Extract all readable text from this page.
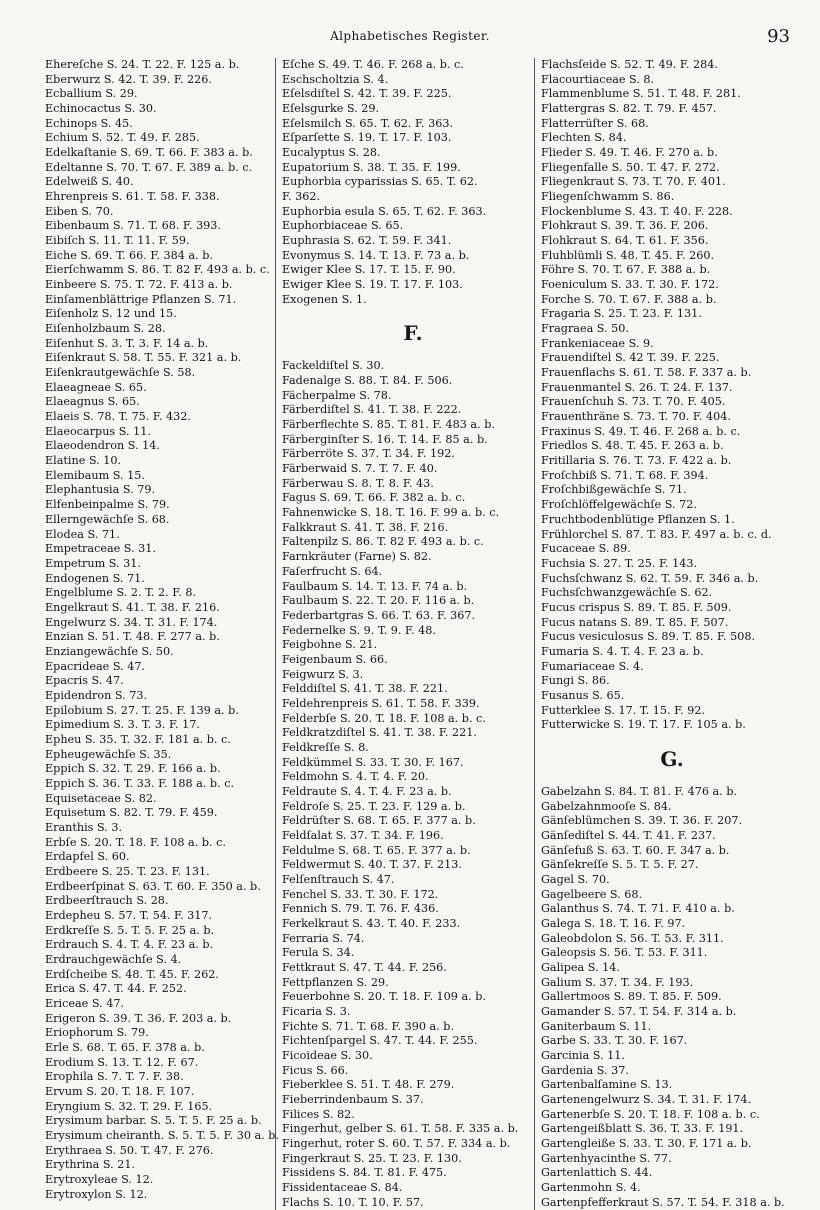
Alphabetisches Register.	93
Ehereſche S. 24. T. 22. F. 125 a. b.
Eberwurz S. 42. T. 39. F. 226.
Ecballium S. 29.
Echinocactus S. 30.
Echinops S. 45.
Echium S. 52. T. 49. F. 285.
Edelkaſtanie S. 69. T. 66. F. 383 a. b.
Edeltanne S. 70. T. 67. F. 389 a. b. c.
Edelweiß S. 40.
Ehrenpreis S. 61. T. 58. F. 338.
Eiben S. 70.
Eibenbaum S. 71. T. 68. F. 393.
Eibiſch S. 11. T. 11. F. 59.
Eiche S. 69. T. 66. F. 384 a. b.
Eierſchwamm S. 86. T. 82 F. 493 a. b. c.
Einbeere S. 75. T. 72. F. 413 a. b.
Einſamenblättrige Pflanzen S. 71.
Eiſenholz S. 12 und 15.
Eiſenholzbaum S. 28.
Eiſenhut S. 3. T. 3. F. 14 a. b.
Eiſenkraut S. 58. T. 55. F. 321 a. b.
Eiſenkrautgewächſe S. 58.
Elaeagneae S. 65.
Elaeagnus S. 65.
Elaeis S. 78. T. 75. F. 432.
Elaeocarpus S. 11.
Elaeodendron S. 14.
Elatine S. 10.
Elemibaum S. 15.
Elephantusia S. 79.
Elfenbeinpalme S. 79.
Ellerngewächſe S. 68.
Elodea S. 71.
Empetraceae S. 31.
Empetrum S. 31.
Endogenen S. 71.
Engelblume S. 2. T. 2. F. 8.
Engelkraut S. 41. T. 38. F. 216.
Engelwurz S. 34. T. 31. F. 174.
Enzian S. 51. T. 48. F. 277 a. b.
Enziangewächſe S. 50.
Epacrideae S. 47.
Epacris S. 47.
Epidendron S. 73.
Epilobium S. 27. T. 25. F. 139 a. b.
Epimedium S. 3. T. 3. F. 17.
Epheu S. 35. T. 32. F. 181 a. b. c.
Epheugewächſe S. 35.
Eppich S. 32. T. 29. F. 166 a. b.
Eppich S. 36. T. 33. F. 188 a. b. c.
Equisetaceae S. 82.
Equisetum S. 82. T. 79. F. 459.
Eranthis S. 3.
Erbſe S. 20. T. 18. F. 108 a. b. c.
Erdapfel S. 60.
Erdbeere S. 25. T. 23. F. 131.
Erdbeerſpinat S. 63. T. 60. F. 350 a. b.
Erdbeerſtrauch S. 28.
Erdepheu S. 57. T. 54. F. 317.
Erdkreſſe S. 5. T. 5. F. 25 a. b.
Erdrauch S. 4. T. 4. F. 23 a. b.
Erdrauchgewächſe S. 4.
Erdſcheibe S. 48. T. 45. F. 262.
Erica S. 47. T. 44. F. 252.
Ericeae S. 47.
Erigeron S. 39. T. 36. F. 203 a. b.
Eriophorum S. 79.
Erle S. 68. T. 65. F. 378 a. b.
Erodium S. 13. T. 12. F. 67.
Erophila S. 7. T. 7. F. 38.
Ervum S. 20. T. 18. F. 107.
Eryngium S. 32. T. 29. F. 165.
Erysimum barbar. S. 5. T. 5. F. 25 a. b.
Erysimum cheiranth. S. 5. T. 5. F. 30 a. b.
Erythraea S. 50. T. 47. F. 276.
Erythrina S. 21.
Erytroxyleae S. 12.
Erytroxylon S. 12.
Eſche S. 49. T. 46. F. 268 a. b. c.
Eschscholtzia S. 4.
Eſelsdiſtel S. 42. T. 39. F. 225.
Eſelsgurke S. 29.
Eſelsmilch S. 65. T. 62. F. 363.
Eſparſette S. 19. T. 17. F. 103.
Eucalyptus S. 28.
Eupatorium S. 38. T. 35. F. 199.
Euphorbia cyparissias S. 65. T. 62.
F. 362.
Euphorbia esula S. 65. T. 62. F. 363.
Euphorbiaceae S. 65.
Euphrasia S. 62. T. 59. F. 341.
Evonymus S. 14. T. 13. F. 73 a. b.
Ewiger Klee S. 17. T. 15. F. 90.
Ewiger Klee S. 19. T. 17. F. 103.
Exogenen S. 1.
F.
Fackeldiſtel S. 30.
Fadenalge S. 88. T. 84. F. 506.
Fächerpalme S. 78.
Färberdiſtel S. 41. T. 38. F. 222.
Färberflechte S. 85. T. 81. F. 483 a. b.
Färberginſter S. 16. T. 14. F. 85 a. b.
Färberröte S. 37. T. 34. F. 192.
Färberwaid S. 7. T. 7. F. 40.
Färberwau S. 8. T. 8. F. 43.
Fagus S. 69. T. 66. F. 382 a. b. c.
Fahnenwicke S. 18. T. 16. F. 99 a. b. c.
Falkkraut S. 41. T. 38. F. 216.
Faltenpilz S. 86. T. 82 F. 493 a. b. c.
Farnkräuter (Farne) S. 82.
Faſerfrucht S. 64.
Faulbaum S. 14. T. 13. F. 74 a. b.
Faulbaum S. 22. T. 20. F. 116 a. b.
Federbartgras S. 66. T. 63. F. 367.
Federnelke S. 9. T. 9. F. 48.
Feigbohne S. 21.
Feigenbaum S. 66.
Feigwurz S. 3.
Felddiſtel S. 41. T. 38. F. 221.
Feldehrenpreis S. 61. T. 58. F. 339.
Felderbſe S. 20. T. 18. F. 108 a. b. c.
Feldkratzdiſtel S. 41. T. 38. F. 221.
Feldkreſſe S. 8.
Feldkümmel S. 33. T. 30. F. 167.
Feldmohn S. 4. T. 4. F. 20.
Feldraute S. 4. T. 4. F. 23 a. b.
Feldroſe S. 25. T. 23. F. 129 a. b.
Feldrüſter S. 68. T. 65. F. 377 a. b.
Feldſalat S. 37. T. 34. F. 196.
Feldulme S. 68. T. 65. F. 377 a. b.
Feldwermut S. 40. T. 37. F. 213.
Felſenſtrauch S. 47.
Fenchel S. 33. T. 30. F. 172.
Fennich S. 79. T. 76. F. 436.
Ferkelkraut S. 43. T. 40. F. 233.
Ferraria S. 74.
Ferula S. 34.
Fettkraut S. 47. T. 44. F. 256.
Fettpflanzen S. 29.
Feuerbohne S. 20. T. 18. F. 109 a. b.
Ficaria S. 3.
Fichte S. 71. T. 68. F. 390 a. b.
Fichtenſpargel S. 47. T. 44. F. 255.
Ficoideae S. 30.
Ficus S. 66.
Fieberklee S. 51. T. 48. F. 279.
Fieberrindenbaum S. 37.
Filices S. 82.
Fingerhut, gelber S. 61. T. 58. F. 335 a. b.
Fingerhut, roter S. 60. T. 57. F. 334 a. b.
Fingerkraut S. 25. T. 23. F. 130.
Fissidens S. 84. T. 81. F. 475.
Fissidentaceae S. 84.
Flachs S. 10. T. 10. F. 57.
Flachsſeide S. 52. T. 49. F. 284.
Flacourtiaceae S. 8.
Flammenblume S. 51. T. 48. F. 281.
Flattergras S. 82. T. 79. F. 457.
Flatterrüſter S. 68.
Flechten S. 84.
Flieder S. 49. T. 46. F. 270 a. b.
Fliegenfalle S. 50. T. 47. F. 272.
Fliegenkraut S. 73. T. 70. F. 401.
Fliegenſchwamm S. 86.
Flockenblume S. 43. T. 40. F. 228.
Flohkraut S. 39. T. 36. F. 206.
Flohkraut S. 64. T. 61. F. 356.
Fluhblümli S. 48. T. 45. F. 260.
Föhre S. 70. T. 67. F. 388 a. b.
Foeniculum S. 33. T. 30. F. 172.
Forche S. 70. T. 67. F. 388 a. b.
Fragaria S. 25. T. 23. F. 131.
Fragraea S. 50.
Frankeniaceae S. 9.
Frauendiſtel S. 42 T. 39. F. 225.
Frauenflachs S. 61. T. 58. F. 337 a. b.
Frauenmantel S. 26. T. 24. F. 137.
Frauenſchuh S. 73. T. 70. F. 405.
Frauenthräne S. 73. T. 70. F. 404.
Fraxinus S. 49. T. 46. F. 268 a. b. c.
Friedlos S. 48. T. 45. F. 263 a. b.
Fritillaria S. 76. T. 73. F. 422 a. b.
Froſchbiß S. 71. T. 68. F. 394.
Froſchbißgewächſe S. 71.
Froſchlöffelgewächſe S. 72.
Fruchtbodenblütige Pflanzen S. 1.
Frühlorchel S. 87. T. 83. F. 497 a. b. c. d.
Fucaceae S. 89.
Fuchsia S. 27. T. 25. F. 143.
Fuchsſchwanz S. 62. T. 59. F. 346 a. b.
Fuchsſchwanzgewächſe S. 62.
Fucus crispus S. 89. T. 85. F. 509.
Fucus natans S. 89. T. 85. F. 507.
Fucus vesiculosus S. 89. T. 85. F. 508.
Fumaria S. 4. T. 4. F. 23 a. b.
Fumariaceae S. 4.
Fungi S. 86.
Fusanus S. 65.
Futterklee S. 17. T. 15. F. 92.
Futterwicke S. 19. T. 17. F. 105 a. b.
G.
Gabelzahn S. 84. T. 81. F. 476 a. b.
Gabelzahnmooſe S. 84.
Gänſeblümchen S. 39. T. 36. F. 207.
Gänſediſtel S. 44. T. 41. F. 237.
Gänſefuß S. 63. T. 60. F. 347 a. b.
Gänſekreſſe S. 5. T. 5. F. 27.
Gagel S. 70.
Gagelbeere S. 68.
Galanthus S. 74. T. 71. F. 410 a. b.
Galega S. 18. T. 16. F. 97.
Galeobdolon S. 56. T. 53. F. 311.
Galeopsis S. 56. T. 53. F. 311.
Galipea S. 14.
Galium S. 37. T. 34. F. 193.
Gallertmoos S. 89. T. 85. F. 509.
Gamander S. 57. T. 54. F. 314 a. b.
Ganiterbaum S. 11.
Garbe S. 33. T. 30. F. 167.
Garcinia S. 11.
Gardenia S. 37.
Gartenbalſamine S. 13.
Gartenengelwurz S. 34. T. 31. F. 174.
Gartenerbſe S. 20. T. 18. F. 108 a. b. c.
Gartengeißblatt S. 36. T. 33. F. 191.
Gartengleiße S. 33. T. 30. F. 171 a. b.
Gartenhyacinthe S. 77.
Gartenlattich S. 44.
Gartenmohn S. 4.
Gartenpfefferkraut S. 57. T. 54. F. 318 a. b.
